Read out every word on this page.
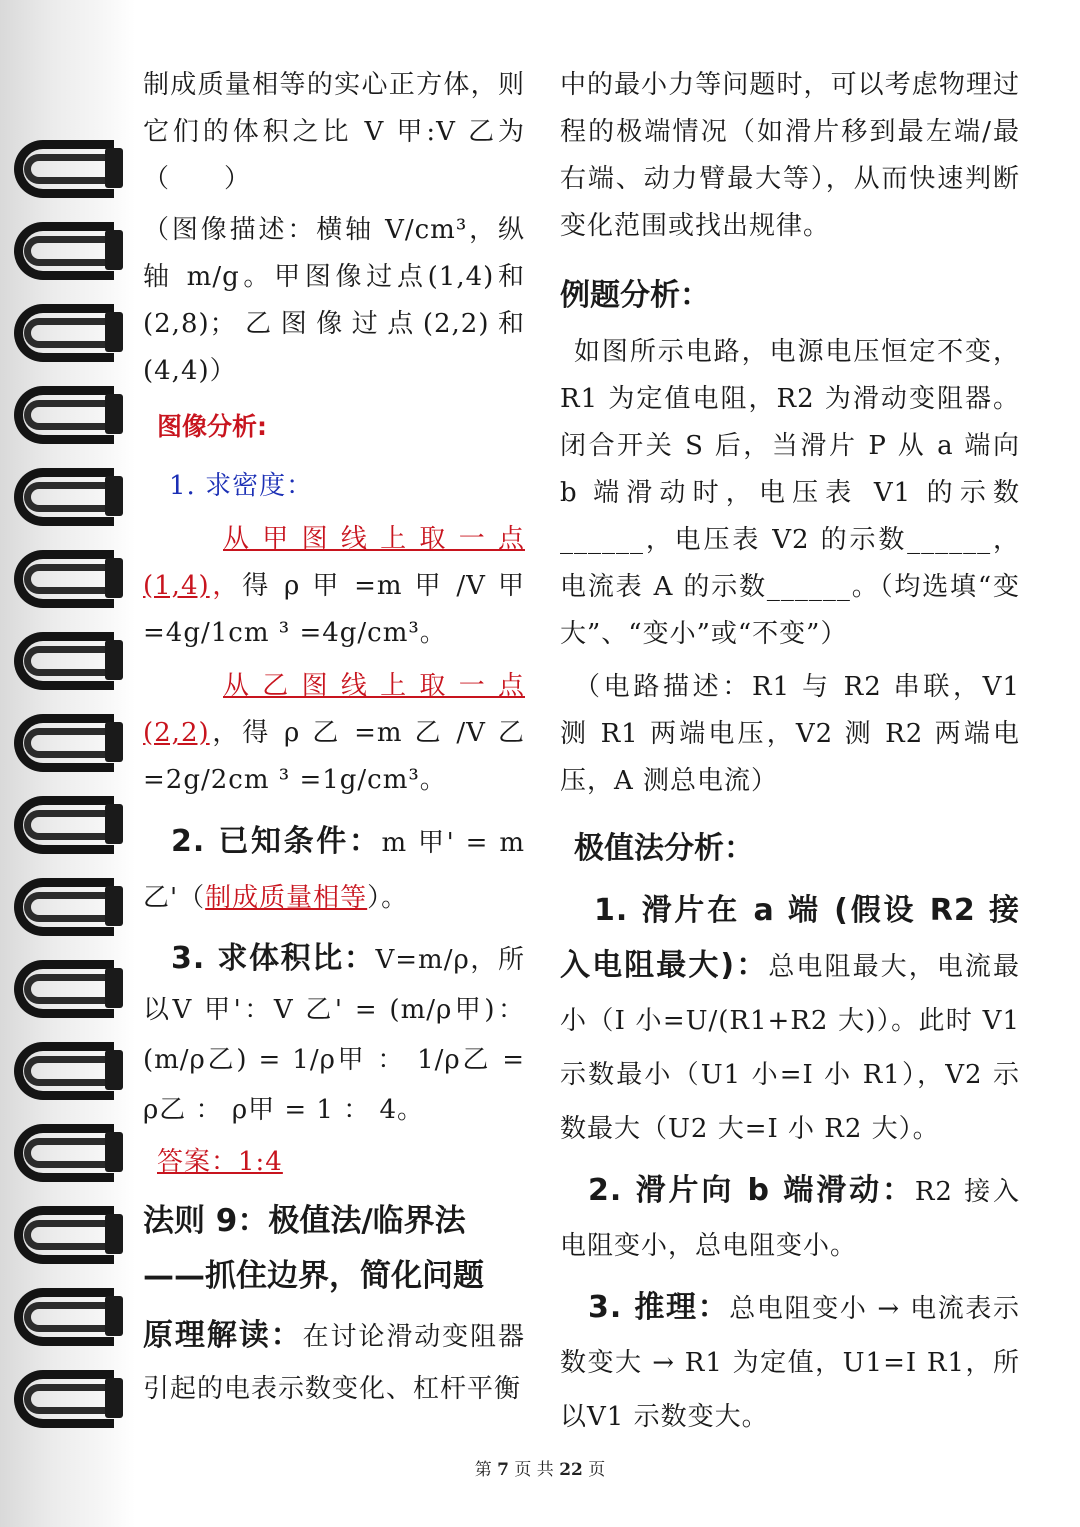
制成质量相等的实心正方体，则它们的体积之比 V 甲:V 乙为（　　）

（图像描述：横轴 V/cm³，纵轴 m/g。甲图像过点(1,4)和(2,8)；乙图像过点(2,2)和(4,4)）

图像分析:

1. 求密度：

从甲图线上取一点(1,4)，得 ρ 甲 =m 甲 /V 甲 =4g/1cm ³ =4g/cm³。

从乙图线上取一点(2,2)，得 ρ 乙 =m 乙 /V 乙 =2g/2cm ³ =1g/cm³。

2. 已知条件：m 甲' = m 乙'（制成质量相等）。

3. 求体积比：V=m/ρ，所以V 甲'：V 乙' = (m/ρ甲)：(m/ρ乙) = 1/ρ甲 ： 1/ρ乙 = ρ乙 ： ρ甲 = 1 ： 4。

答案：1:4

法则 9：极值法/临界法——抓住边界，简化问题

原理解读：在讨论滑动变阻器引起的电表示数变化、杠杆平衡

中的最小力等问题时，可以考虑物理过程的极端情况（如滑片移到最左端/最右端、动力臂最大等），从而快速判断变化范围或找出规律。

例题分析：

如图所示电路，电源电压恒定不变，R1 为定值电阻，R2 为滑动变阻器。闭合开关 S 后，当滑片 P 从 a 端向 b 端滑动时，电压表 V1 的示数______，电压表 V2 的示数______，电流表 A 的示数______。（均选填“变大”、“变小”或“不变”）

（电路描述：R1 与 R2 串联，V1 测 R1 两端电压，V2 测 R2 两端电压，A 测总电流）

极值法分析：

1. 滑片在 a 端 (假设 R2 接入电阻最大)：总电阻最大，电流最小（I 小=U/(R1+R2 大)）。此时 V1 示数最小（U1 小=I 小 R1），V2 示数最大（U2 大=I 小 R2 大）。

2. 滑片向 b 端滑动：R2 接入电阻变小，总电阻变小。

3. 推理：总电阻变小 → 电流表示数变大 → R1 为定值，U1=I R1，所以V1 示数变大。

第 7 页 共 22 页
